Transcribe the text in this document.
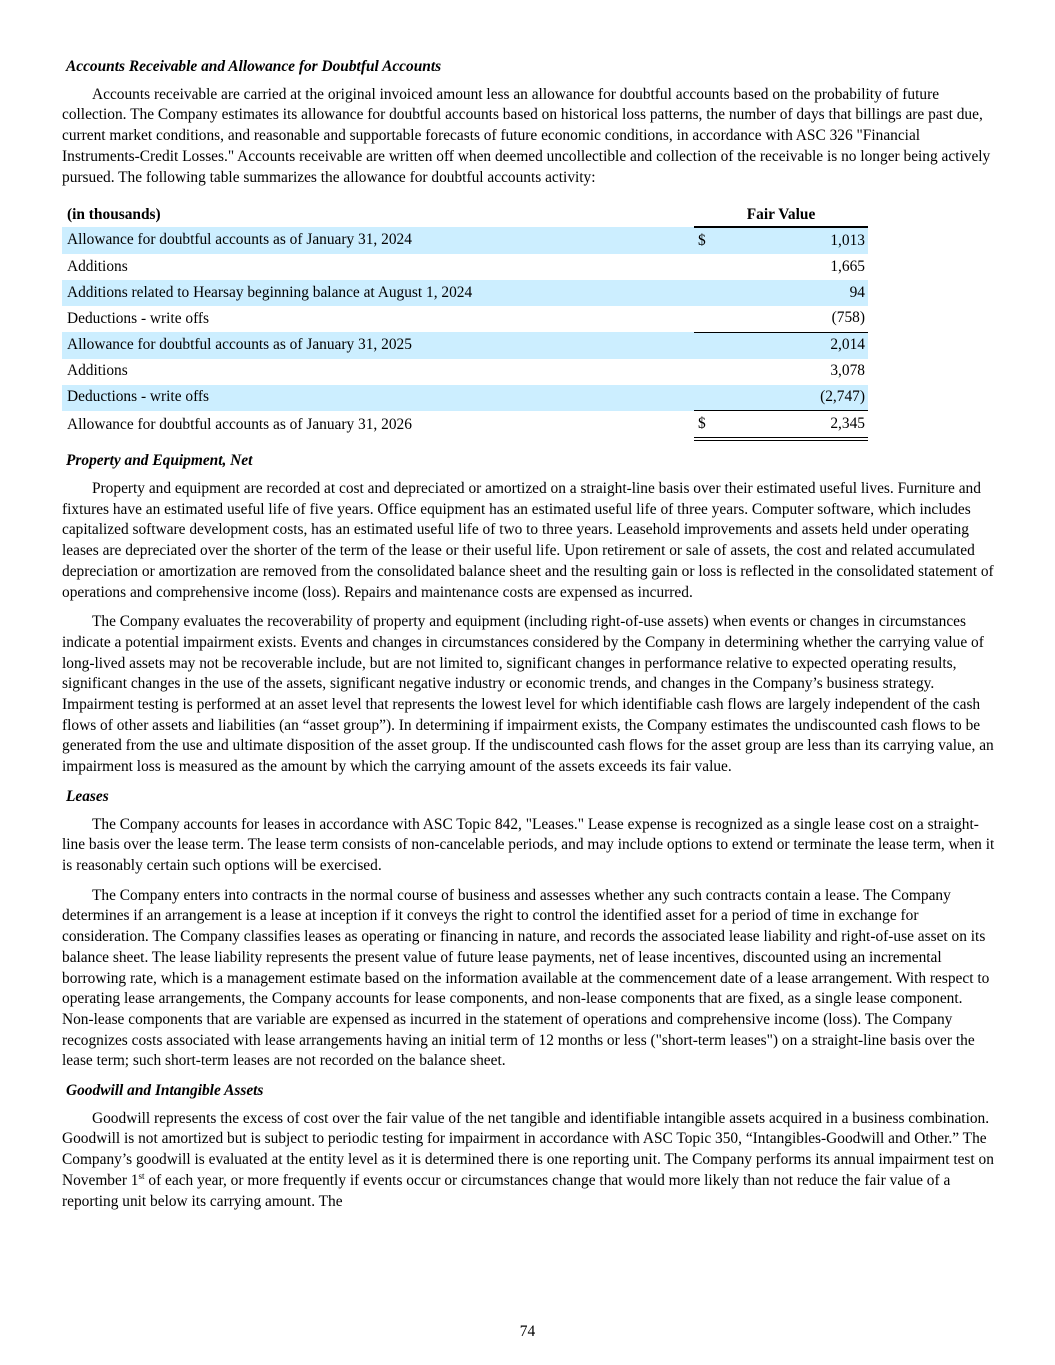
Accounts Receivable and Allowance for Doubtful Accounts

Accounts receivable are carried at the original invoiced amount less an allowance for doubtful accounts based on the probability of future collection. The Company estimates its allowance for doubtful accounts based on historical loss patterns, the number of days that billings are past due, current market conditions, and reasonable and supportable forecasts of future economic conditions, in accordance with ASC 326 "Financial Instruments-Credit Losses." Accounts receivable are written off when deemed uncollectible and collection of the receivable is no longer being actively pursued. The following table summarizes the allowance for doubtful accounts activity:

(in thousands)	Fair Value	
Allowance for doubtful accounts as of January 31, 2024	$	1,013
Additions		1,665
Additions related to Hearsay beginning balance at August 1, 2024		94
Deductions - write offs		(758)
Allowance for doubtful accounts as of January 31, 2025		2,014
Additions		3,078
Deductions - write offs		(2,747)
Allowance for doubtful accounts as of January 31, 2026	$	2,345
Property and Equipment, Net

Property and equipment are recorded at cost and depreciated or amortized on a straight-line basis over their estimated useful lives. Furniture and fixtures have an estimated useful life of five years. Office equipment has an estimated useful life of three years. Computer software, which includes capitalized software development costs, has an estimated useful life of two to three years. Leasehold improvements and assets held under operating leases are depreciated over the shorter of the term of the lease or their useful life. Upon retirement or sale of assets, the cost and related accumulated depreciation or amortization are removed from the consolidated balance sheet and the resulting gain or loss is reflected in the consolidated statement of operations and comprehensive income (loss). Repairs and maintenance costs are expensed as incurred.

The Company evaluates the recoverability of property and equipment (including right-of-use assets) when events or changes in circumstances indicate a potential impairment exists. Events and changes in circumstances considered by the Company in determining whether the carrying value of long-lived assets may not be recoverable include, but are not limited to, significant changes in performance relative to expected operating results, significant changes in the use of the assets, significant negative industry or economic trends, and changes in the Company’s business strategy. Impairment testing is performed at an asset level that represents the lowest level for which identifiable cash flows are largely independent of the cash flows of other assets and liabilities (an “asset group”). In determining if impairment exists, the Company estimates the undiscounted cash flows to be generated from the use and ultimate disposition of the asset group. If the undiscounted cash flows for the asset group are less than its carrying value, an impairment loss is measured as the amount by which the carrying amount of the assets exceeds its fair value.

Leases

The Company accounts for leases in accordance with ASC Topic 842, "Leases." Lease expense is recognized as a single lease cost on a straight-line basis over the lease term. The lease term consists of non-cancelable periods, and may include options to extend or terminate the lease term, when it is reasonably certain such options will be exercised.

The Company enters into contracts in the normal course of business and assesses whether any such contracts contain a lease. The Company determines if an arrangement is a lease at inception if it conveys the right to control the identified asset for a period of time in exchange for consideration. The Company classifies leases as operating or financing in nature, and records the associated lease liability and right-of-use asset on its balance sheet. The lease liability represents the present value of future lease payments, net of lease incentives, discounted using an incremental borrowing rate, which is a management estimate based on the information available at the commencement date of a lease arrangement. With respect to operating lease arrangements, the Company accounts for lease components, and non-lease components that are fixed, as a single lease component. Non-lease components that are variable are expensed as incurred in the statement of operations and comprehensive income (loss). The Company recognizes costs associated with lease arrangements having an initial term of 12 months or less ("short-term leases") on a straight-line basis over the lease term; such short-term leases are not recorded on the balance sheet.

Goodwill and Intangible Assets

Goodwill represents the excess of cost over the fair value of the net tangible and identifiable intangible assets acquired in a business combination. Goodwill is not amortized but is subject to periodic testing for impairment in accordance with ASC Topic 350, “Intangibles-Goodwill and Other.” The Company’s goodwill is evaluated at the entity level as it is determined there is one reporting unit. The Company performs its annual impairment test on November 1st of each year, or more frequently if events occur or circumstances change that would more likely than not reduce the fair value of a reporting unit below its carrying amount. The

74
